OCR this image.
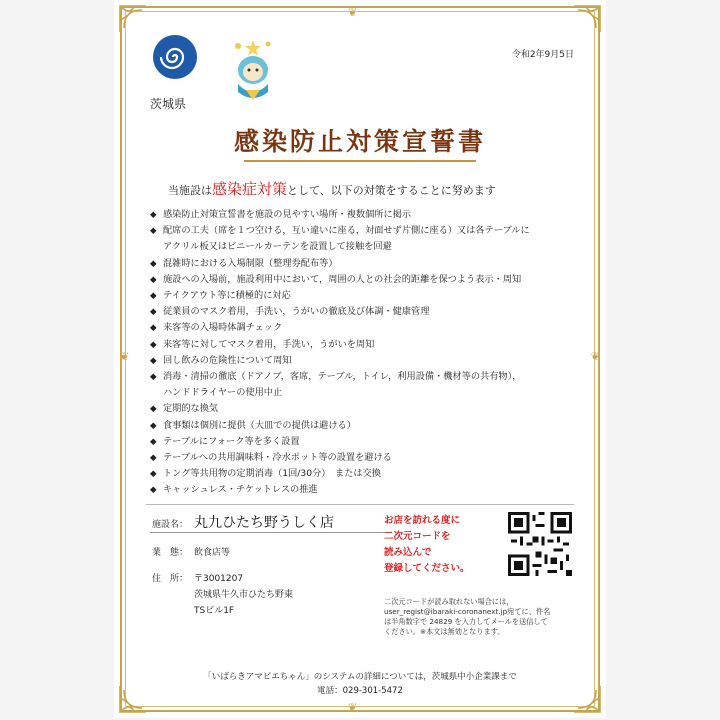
❦
❦
❦	❦
茨城県
令和2年9月5日
感染防止対策宣誓書
当施設は感染症対策として、以下の対策をすることに努めます
◆ 感染防止対策宣誓書を施設の見やすい場所・複数個所に掲示
◆ 配席の工夫（席を１つ空ける，互い違いに座る，対面せず片側に座る）又は各テーブルに
アクリル板又はビニールカーテンを設置して接触を回避
◆ 混雑時における入場制限（整理券配布等）
◆ 施設への入場前，施設利用中において，周囲の人との社会的距離を保つよう表示・周知
◆ テイクアウト等に積極的に対応
◆ 従業員のマスク着用，手洗い，うがいの徹底及び体調・健康管理
◆ 来客等の入場時体調チェック
◆ 来客等に対してマスク着用，手洗い，うがいを周知
◆ 回し飲みの危険性について周知
◆ 消毒・清掃の徹底（ドアノブ，客席，テーブル，トイレ，利用設備・機材等の共有物），
ハンドドライヤーの使用中止
◆ 定期的な換気
◆ 食事類は個別に提供（大皿での提供は避ける）
◆ テーブルにフォーク等を多く設置
◆ テーブルへの共用調味料・冷水ポット等の設置を避ける
◆ トング等共用物の定期消毒（1回/30分）　または交換
◆ キャッシュレス・チケットレスの推進
施設名： 丸九ひたち野うしく店
業　態： 飲食店等
住　所： 〒3001207
茨城県牛久市ひたち野東
TSビル1F
お店を訪れる度に
二次元コードを
読み込んで
登録してください。
二次元コードが読み取れない場合には，
user_regist@ibaraki-coronanext.jp宛てに、件名
は半角数字で 24829 を入力してメールを送信して
ください。※本文は無効となります。
「いばらきアマビエちゃん」のシステムの詳細については，茨城県中小企業課まで
電話：029-301-5472
